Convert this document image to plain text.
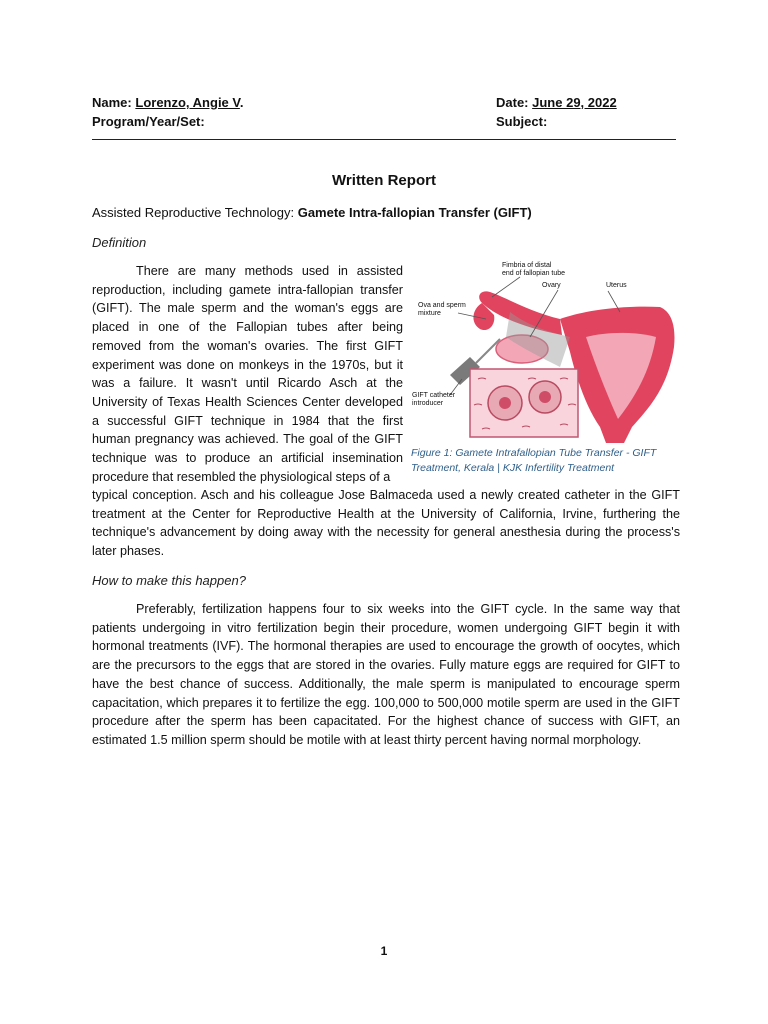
Name: Lorenzo, Angie V.
Program/Year/Set:
Date: June 29, 2022
Subject:
Written Report
Assisted Reproductive Technology: Gamete Intra-fallopian Transfer (GIFT)
Definition
There are many methods used in assisted reproduction, including gamete intra-fallopian transfer (GIFT). The male sperm and the woman's eggs are placed in one of the Fallopian tubes after being removed from the woman's ovaries. The first GIFT experiment was done on monkeys in the 1970s, but it was a failure. It wasn't until Ricardo Asch at the University of Texas Health Sciences Center developed a successful GIFT technique in 1984 that the first human pregnancy was achieved. The goal of the GIFT technique was to produce an artificial insemination procedure that resembled the physiological steps of a
typical conception. Asch and his colleague Jose Balmaceda used a newly created catheter in the GIFT treatment at the Center for Reproductive Health at the University of California, Irvine, furthering the technique's advancement by doing away with the necessity for general anesthesia during the process's later phases.
Fimbria of distal end of fallopian tube
Ovary	Uterus
Ova and sperm mixture
GIFT catheter introducer
Figure 1: Gamete Intrafallopian Tube Transfer - GIFT Treatment, Kerala | KJK Infertility Treatment
How to make this happen?
Preferably, fertilization happens four to six weeks into the GIFT cycle. In the same way that patients undergoing in vitro fertilization begin their procedure, women undergoing GIFT begin it with hormonal treatments (IVF). The hormonal therapies are used to encourage the growth of oocytes, which are the precursors to the eggs that are stored in the ovaries. Fully mature eggs are required for GIFT to have the best chance of success. Additionally, the male sperm is manipulated to encourage sperm capacitation, which prepares it to fertilize the egg. 100,000 to 500,000 motile sperm are used in the GIFT procedure after the sperm has been capacitated. For the highest chance of success with GIFT, an estimated 1.5 million sperm should be motile with at least thirty percent having normal morphology.
1
